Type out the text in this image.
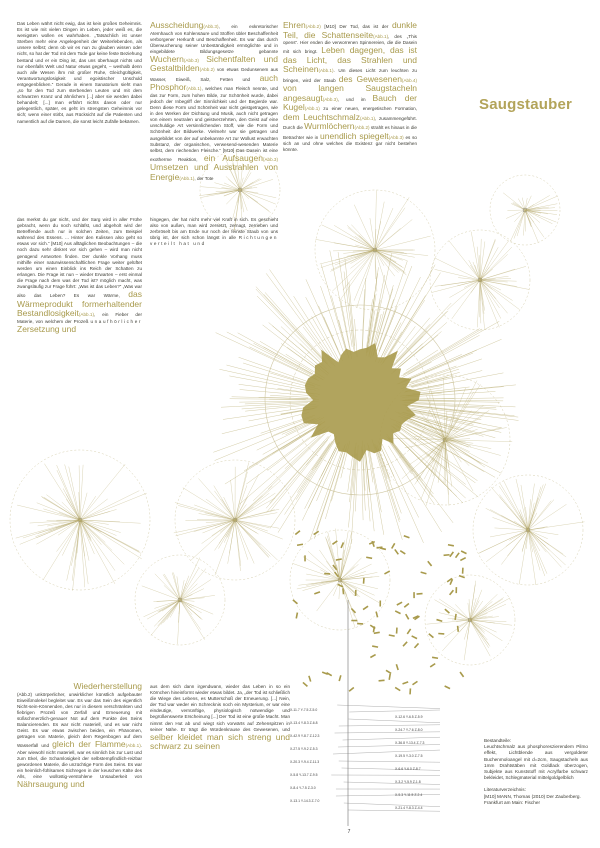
Das Leben währt nicht ewig, das ist kein großes Geheimnis. Es ist wie mit vielen Dingen im Leben, jeder weiß es, die wenigsten wollen es wahrhaben. „Tatsächlich ist unser Sterben mehr eine Angelegenheit der Weiterlebenden, als unsere selbst; denn ob wir es nun zu glauben wissen oder nicht, so hat der Tod mit dem Tode gar keine feste Beziehung bestand und er ein Ding ist, das uns überhaupt nichts und nur ebenfalls Welt und Natur etwas gegeht, – weshalb denn auch alle Wesen ihm mit großer Ruhe, Gleichgültigkeit, Verantwortungslosigkeit und egoistischer Unschuld entgegenblicken.“ Gerade in einem Sanatorium sieht man „so für den Tod zum sterbenden Leuten und mit dem schwarzen Kranz und ähnlichem [...] aber sie werden dabei behandelt; [...] man erfährt nichts davon oder nur gelegentlich, später, es geht im strengsten Geheimnis vor sich; wenn einer stirbt, aus Rücksicht auf die Patienten und namentlich auf die Damen, die sonst leicht Zufälle bekämen.

das merkst du gar nicht, und der Sarg wird in aller Frühe gebracht, wenn du noch schläfst, und abgeholt wird der Betreffende auch nur in solchen Zeiten, zum Beispiel während des Essens. ... Hinter den Kulissen also geht so etwas vor sich.“ [M10] Aus alltäglichen Beobachtungen – die noch dazu sehr diskret vor sich gehen – wird man nicht genügend Antworten finden. Der dunkle Vorhang muss mithilfe einer naturwissenschaftlichen Frage weiter gelüftet werden um einen Einblick ins Reich der Schatten zu erlangen. Die Frage ist nun – wieder Erwarten – erst einmal die Frage nach dem was der Tod ist? möglich macht, was zwangsläufig zur Frage führt: „Was ist das Leben?“ „Was war also das Leben? Es war Wärme, das Wärmeprodukt formerhaltender Bestandlosigkeit(Abb.1), ein Fieber der Materie, von welchem der Prozeß unaufhörlicher Zersetzung und

Wiederherstellung
(Abb.2) unkörperlicher, unwirklicher künstlich aufgebauter Eiweißmolekel begleitet war. Es war das Sein des eigentlich Nicht-sein-Könnenden, des nur in diesem verschränkten und fiebrigen Prozeß von Zerfall und Erneuerung mit süßschmerzlich-genauer Not auf dem Punkte des Seins Balancierenden. Es war nicht materiell, und es war nicht Geist. Es war etwas zwischen beiden, ein Phänomen, getragen von Materie, gleich dem Regenbogen auf dem Wasserfall und gleich der Flamme(Abb.1). Aber wiewohl nicht materiell, war es sinnlich bis zur Lust und zum Ekel, die Schamlosigkeit der selbstempfindlich-reizbar gewordenen Materie, die unzüchtige Form des Seins. Es war ein heimlich-fühlsames Sichregen in der keuschen Kälte des Alls, eine wollüstig-verstohlene Unsauberkeit von Nährsaugung und

Ausscheidung(Abb.3), ein exkretorischer Atemhauch von Kohlensäure und Stoffen übler Beschaffenheit verborgener Herkunft und Beschaffenheit. Es war das durch Überwucherung seiner Unbeständigkeit ermöglichte und in eingebildete Bildungsgesetze gebannte Wuchern(Abb.3) Sichentfalten und Gestaltbilden(Abb.2) von etwas Gedunsenem aus Wasser, Eiweiß, Salz, Fetten und auch Phosphor(Abb.1), welches man Fleisch nennte, und das zur Form, zum hohen Bilde, zur Schönheit wurde, dabei jedoch der Inbegriff der Sinnlichkeit und der Begierde war. Denn diese Form und Schönheit war nicht geistgetragen, wie in den Werken der Dichtung und Musik, auch nicht getragen von einem neutralen und geistverzehrten, den Geist auf eine unschuldige Art versinnlichenden Stoff, wie die Form und Schönheit der Bildwerke. Vielmehr war sie getragen und ausgebildet von der auf unbekannte Art zur Wollust erwachten Substanz, der organischen, verwesend-wesenden Materie selbst, dem riechenden Fleische.“ [M10] Das Dasein ist eine exotherme Reaktion, ein Aufsaugen(Abb.3) Umsetzen und Ausstrahlen von Energie(Abb.1), der Tote

hingegen, der hat nicht mehr viel Kraft in sich. Es geschieht also von außen, man wird zersetzt, zernagt, zerrieben und zerbröselt bis am Ende nur noch der feinste Staub von uns übrig ist, der sich schon längst in alle Richtungen verteilt hat und

aus dem sich dann irgendwann, wieder das Leben in so ein Körnchen hineinformt wieder etwas bildet. Ja, „der Tod ist schließlich die Wiege des Lebens, es Mutterschoß der Erneuerung. [...] Nein, der Tod war weder ein Schrecknis noch ein Mysterium, er war eine eindeutige, vernünftige, physiologisch notwendige und begrüßenswerte Erscheinung [...] Der Tod ist eine große Macht. Man nimmt den Hut ab und wiegt sich vorwärts auf Zehenspitzen in seiner Nähe. Er trägt die Würdenkrause des Gewesenen, und selber kleidet man sich streng und schwarz zu seinen

Ehren(Abb.2) [M10] Der Tod, das ist der dunkle Teil, die Schattenseite(Abb.1), des „This opens“. Hier enden die verworrenen Spinnereien, die die Dasein mit sich bringt. Leben dagegen, das ist das Licht, das Strahlen und Scheinen(Abb.1). Um dieses Licht zum leuchten zu bringen, wird der Staub des Gewesenen(Abb.4) von langen Saugstacheln angesaugt(Abb.3), und im Bauch der Kugel(Abb.1) zu einer neuen, energetischen Formation, dem Leuchtschmalz(Abb.1), zusammengeführt. Durch die Wurmlöchern(Abb.2) strahlt es hinaus in die Betrachter wie in unendlich spiegelt(Abb.3) es so sich an und ohne welches die Existenz gar nicht bestehen könnte.

Saugstauber
Bestandteile:
Leuchtschmalz aus phosphoreszierendem Pilmo effekt, Lichtblende aus vergoldeter Buchenmoloangel mit d=2cm, Saugstacheln aus 1mm Drahtstäben mit Goldlack überzogen, Subjekte aus Kunststoff mit Acrylfarbe schwarz bekleidet, Schlegmaterial mittelgoldgelblich
Literaturverzeichnis:
[M10] MANN, Thomas (2010) Der Zauberberg. Frankfurt am Main: Fischer
X-11.7 Y-7.5 Z-5.0
X-12.6 Y-6.5 Z-5.9
X-13.4 Y-8.3 Z-6.8
X-24.7 Y-7.6 Z-8.0
X-42.9 Y-8.7 Z-12.3
X-36.8 Y-13.4 Z-7.3
X-27.5 Y-9.2 Z-5.3
X-19.5 Y-3.0 Z-7.5
X-20.3 Y-9.4 Z-11.3
X-6.6 Y-6.0 Z-8.7
X-5.8 Y-13.7 Z-9.5
X-3.2 Y-5.9 Z-1.8
X-8.4 Y-7.5 Z-3.0
X-9.3 Y-11.5 Z-2.4
X-13.1 Y-14.3 Z-7.0
X-21.4 Y-8.3 Z-4.4
7
